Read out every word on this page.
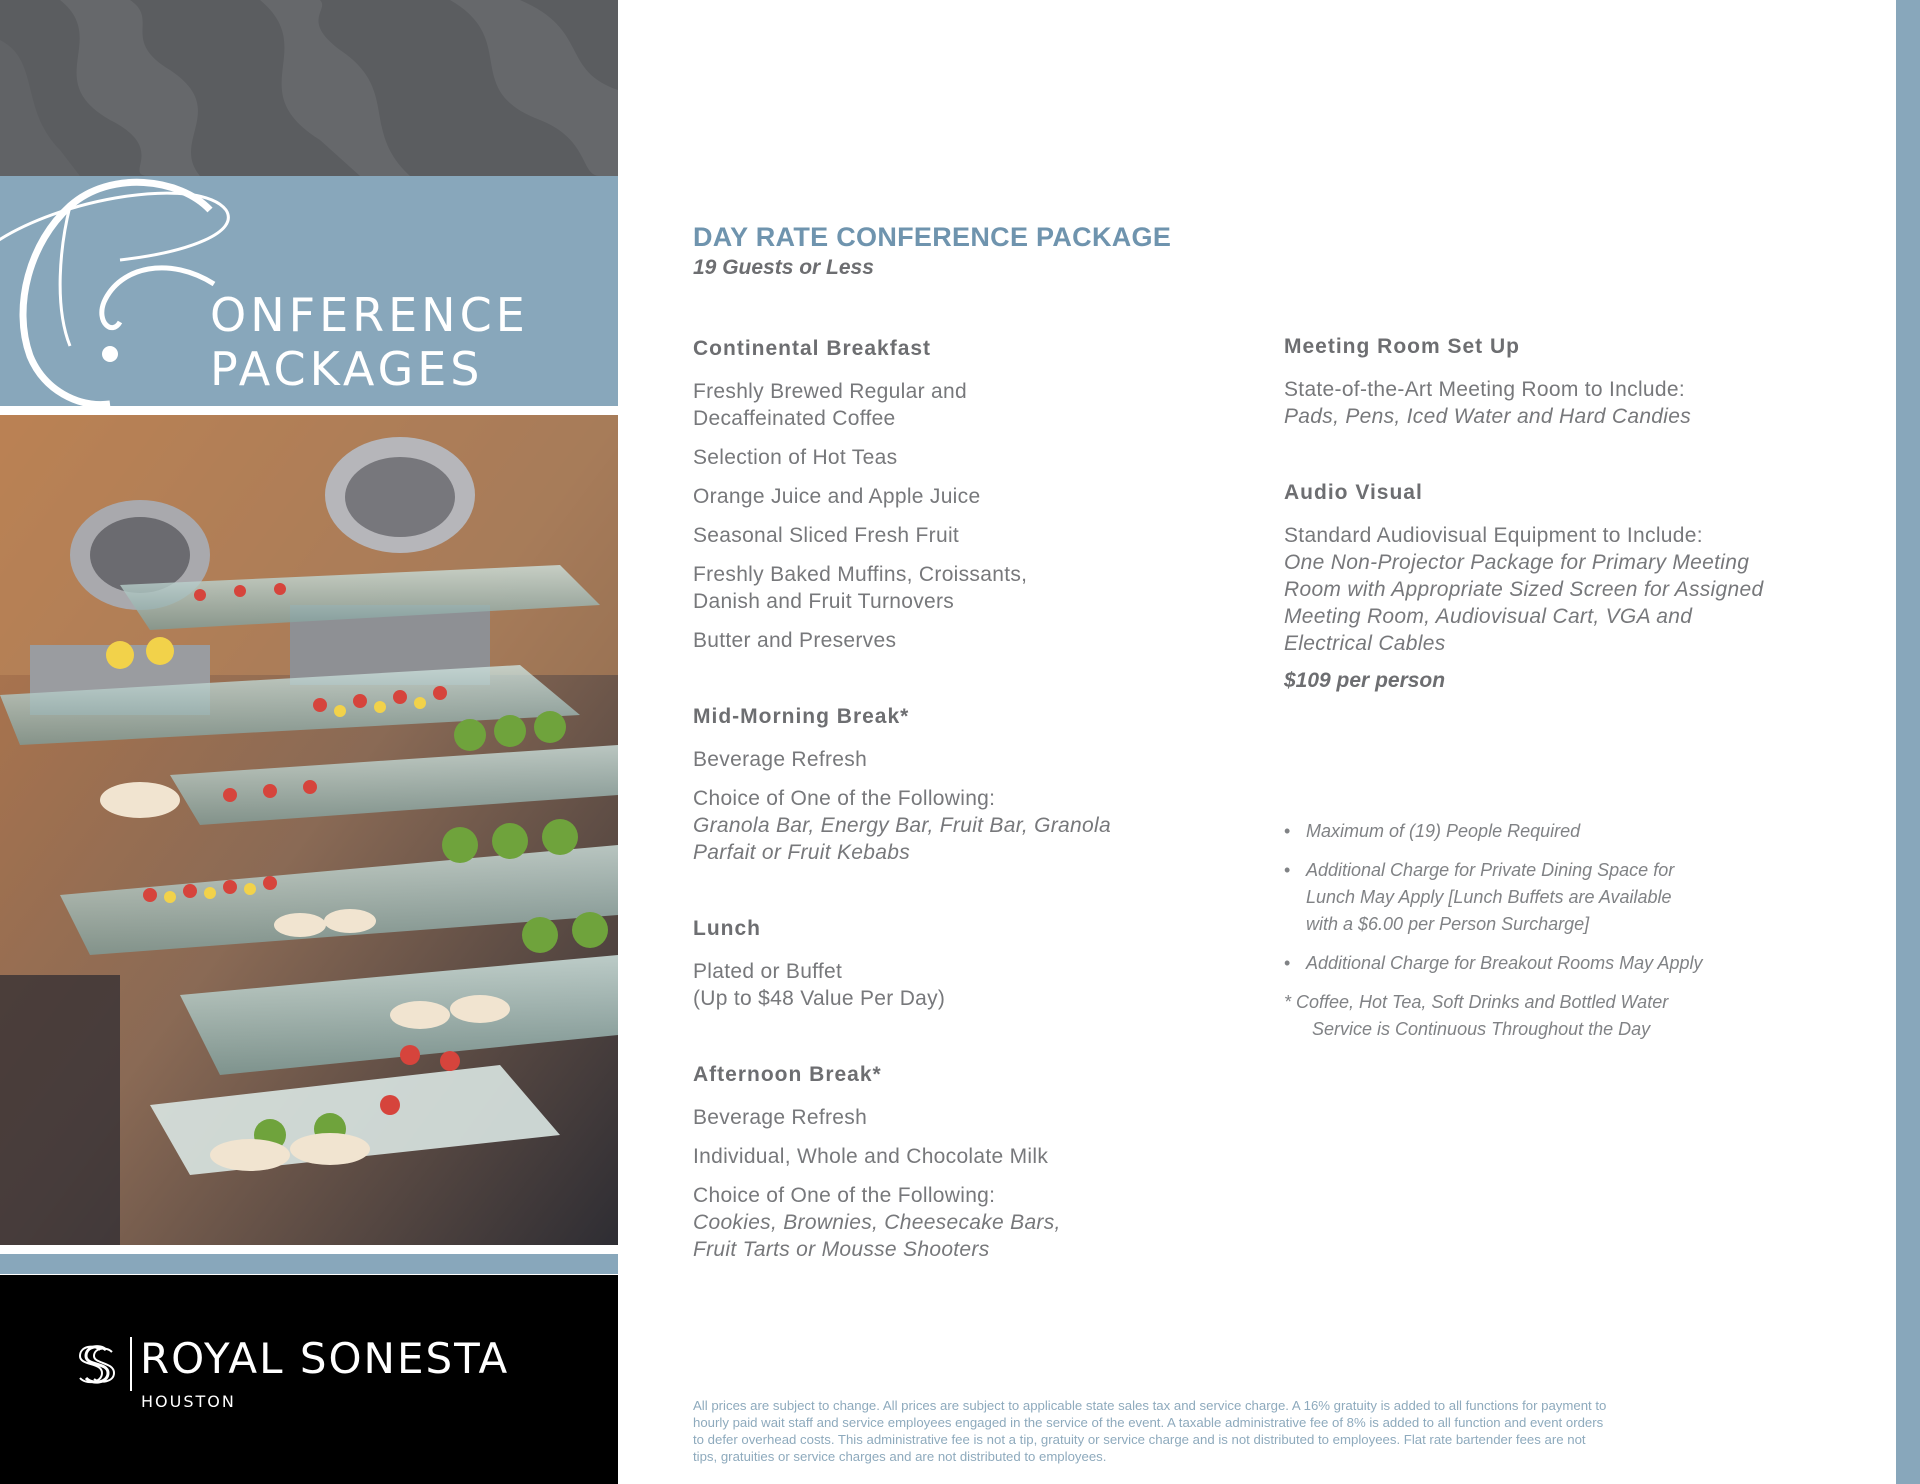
ONFERENCE
PACKAGES
ROYAL SONESTA
HOUSTON
DAY RATE CONFERENCE PACKAGE
19 Guests or Less
Continental Breakfast
Freshly Brewed Regular and
Decaffeinated Coffee
Selection of Hot Teas
Orange Juice and Apple Juice
Seasonal Sliced Fresh Fruit
Freshly Baked Muffins, Croissants,
Danish and Fruit Turnovers
Butter and Preserves
Mid-Morning Break*
Beverage Refresh
Choice of One of the Following:
Granola Bar, Energy Bar, Fruit Bar, Granola
Parfait or Fruit Kebabs
Lunch
Plated or Buffet
(Up to $48 Value Per Day)
Afternoon Break*
Beverage Refresh
Individual, Whole and Chocolate Milk
Choice of One of the Following:
Cookies, Brownies, Cheesecake Bars,
Fruit Tarts or Mousse Shooters
Meeting Room Set Up
State-of-the-Art Meeting Room to Include:
Pads, Pens, Iced Water and Hard Candies
Audio Visual
Standard Audiovisual Equipment to Include:
One Non-Projector Package for Primary Meeting
Room with Appropriate Sized Screen for Assigned
Meeting Room, Audiovisual Cart, VGA and
Electrical Cables
$109 per person
• Maximum of (19) People Required
• Additional Charge for Private Dining Space for
Lunch May Apply [Lunch Buffets are Available
with a $6.00 per Person Surcharge]
• Additional Charge for Breakout Rooms May Apply
* Coffee, Hot Tea, Soft Drinks and Bottled Water
Service is Continuous Throughout the Day
All prices are subject to change. All prices are subject to applicable state sales tax and service charge. A 16% gratuity is added to all functions for payment to
hourly paid wait staff and service employees engaged in the service of the event. A taxable administrative fee of 8% is added to all function and event orders
to defer overhead costs. This administrative fee is not a tip, gratuity or service charge and is not distributed to employees. Flat rate bartender fees are not
tips, gratuities or service charges and are not distributed to employees.
